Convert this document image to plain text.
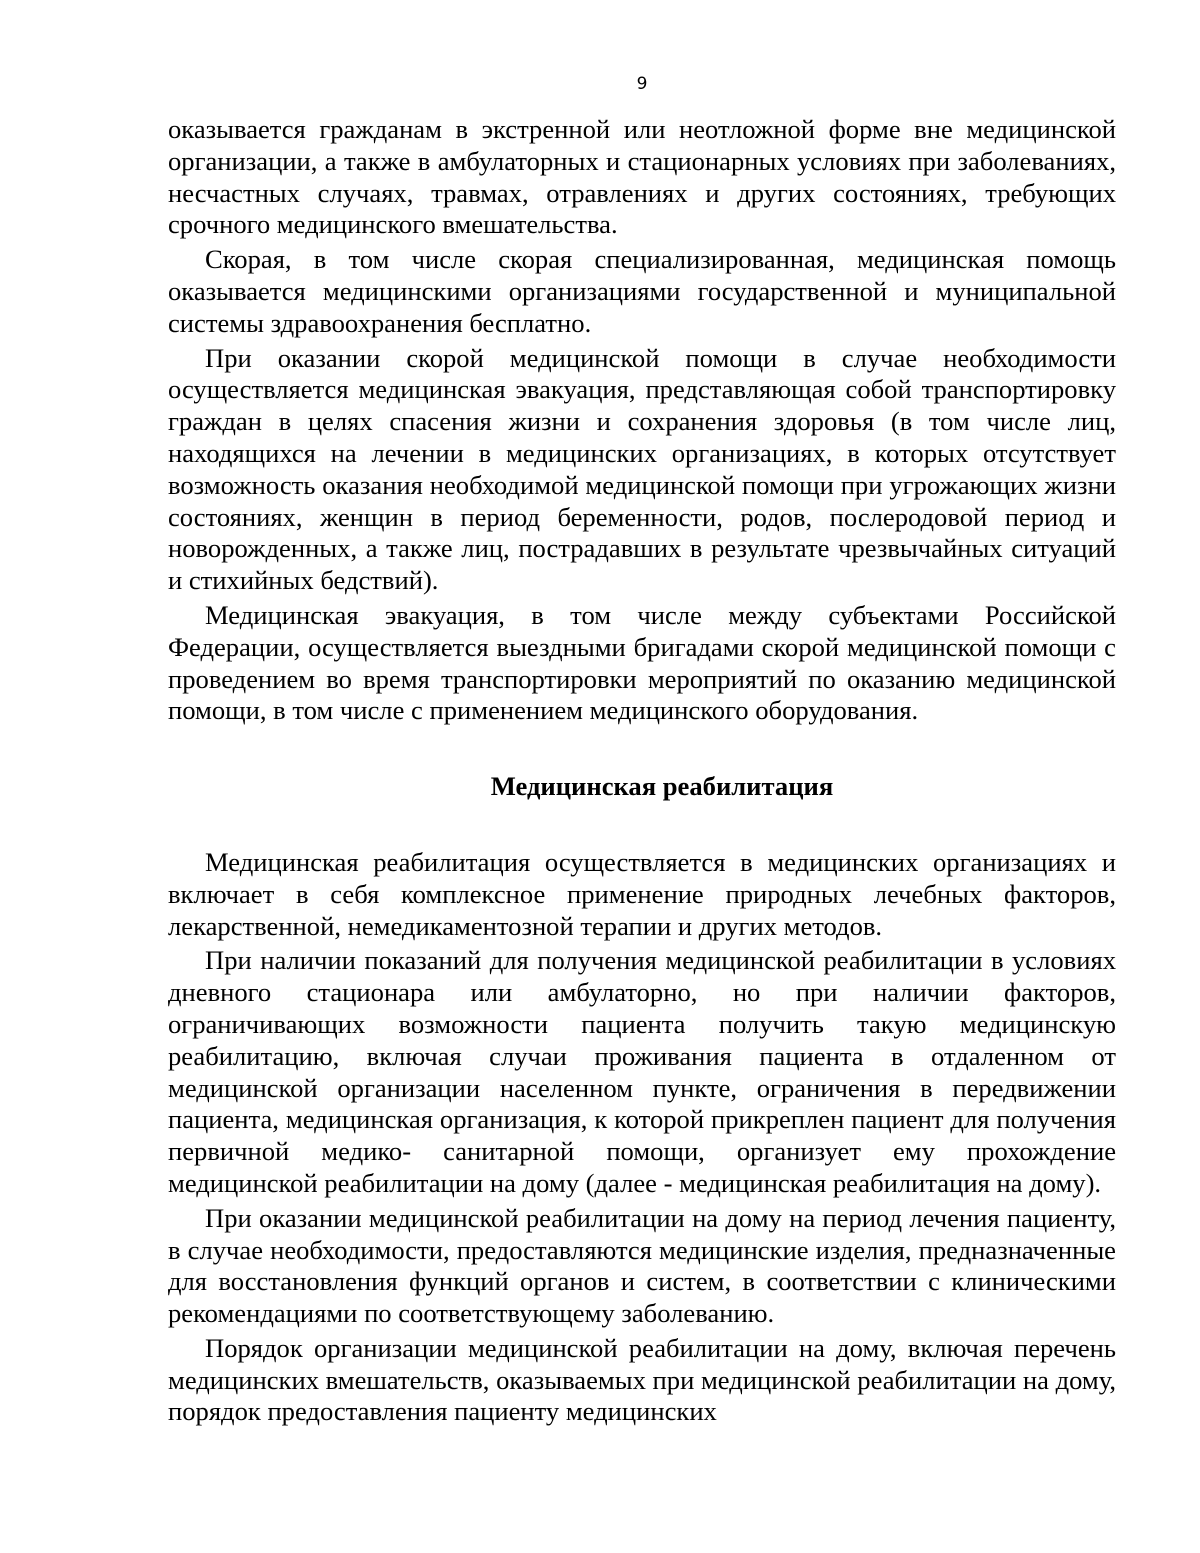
9

оказывается гражданам в экстренной или неотложной форме вне медицинской организации, а также в амбулаторных и стационарных условиях при заболеваниях, несчастных случаях, травмах, отравлениях и других состояниях, требующих срочного медицинского вмешательства.

Скорая, в том числе скорая специализированная, медицинская помощь оказывается медицинскими организациями государственной и муниципальной системы здравоохранения бесплатно.

При оказании скорой медицинской помощи в случае необходимости осуществляется медицинская эвакуация, представляющая собой транспортировку граждан в целях спасения жизни и сохранения здоровья (в том числе лиц, находящихся на лечении в медицинских организациях, в которых отсутствует возможность оказания необходимой медицинской помощи при угрожающих жизни состояниях, женщин в период беременности, родов, послеродовой период и новорожденных, а также лиц, пострадавших в результате чрезвычайных ситуаций и стихийных бедствий).

Медицинская эвакуация, в том числе между субъектами Российской Федерации, осуществляется выездными бригадами скорой медицинской помощи с проведением во время транспортировки мероприятий по оказанию медицинской помощи, в том числе с применением медицинского оборудования.

Медицинская реабилитация

Медицинская реабилитация осуществляется в медицинских организациях и включает в себя комплексное применение природных лечебных факторов, лекарственной, немедикаментозной терапии и других методов.

При наличии показаний для получения медицинской реабилитации в условиях дневного стационара или амбулаторно, но при наличии факторов, ограничивающих возможности пациента получить такую медицинскую реабилитацию, включая случаи проживания пациента в отдаленном от медицинской организации населенном пункте, ограничения в передвижении пациента, медицинская организация, к которой прикреплен пациент для получения первичной медико- санитарной помощи, организует ему прохождение медицинской реабилитации на дому (далее - медицинская реабилитация на дому).

При оказании медицинской реабилитации на дому на период лечения пациенту, в случае необходимости, предоставляются медицинские изделия, предназначенные для восстановления функций органов и систем, в соответствии с клиническими рекомендациями по соответствующему заболеванию.

Порядок организации медицинской реабилитации на дому, включая перечень медицинских вмешательств, оказываемых при медицинской реабилитации на дому, порядок предоставления пациенту медицинских
